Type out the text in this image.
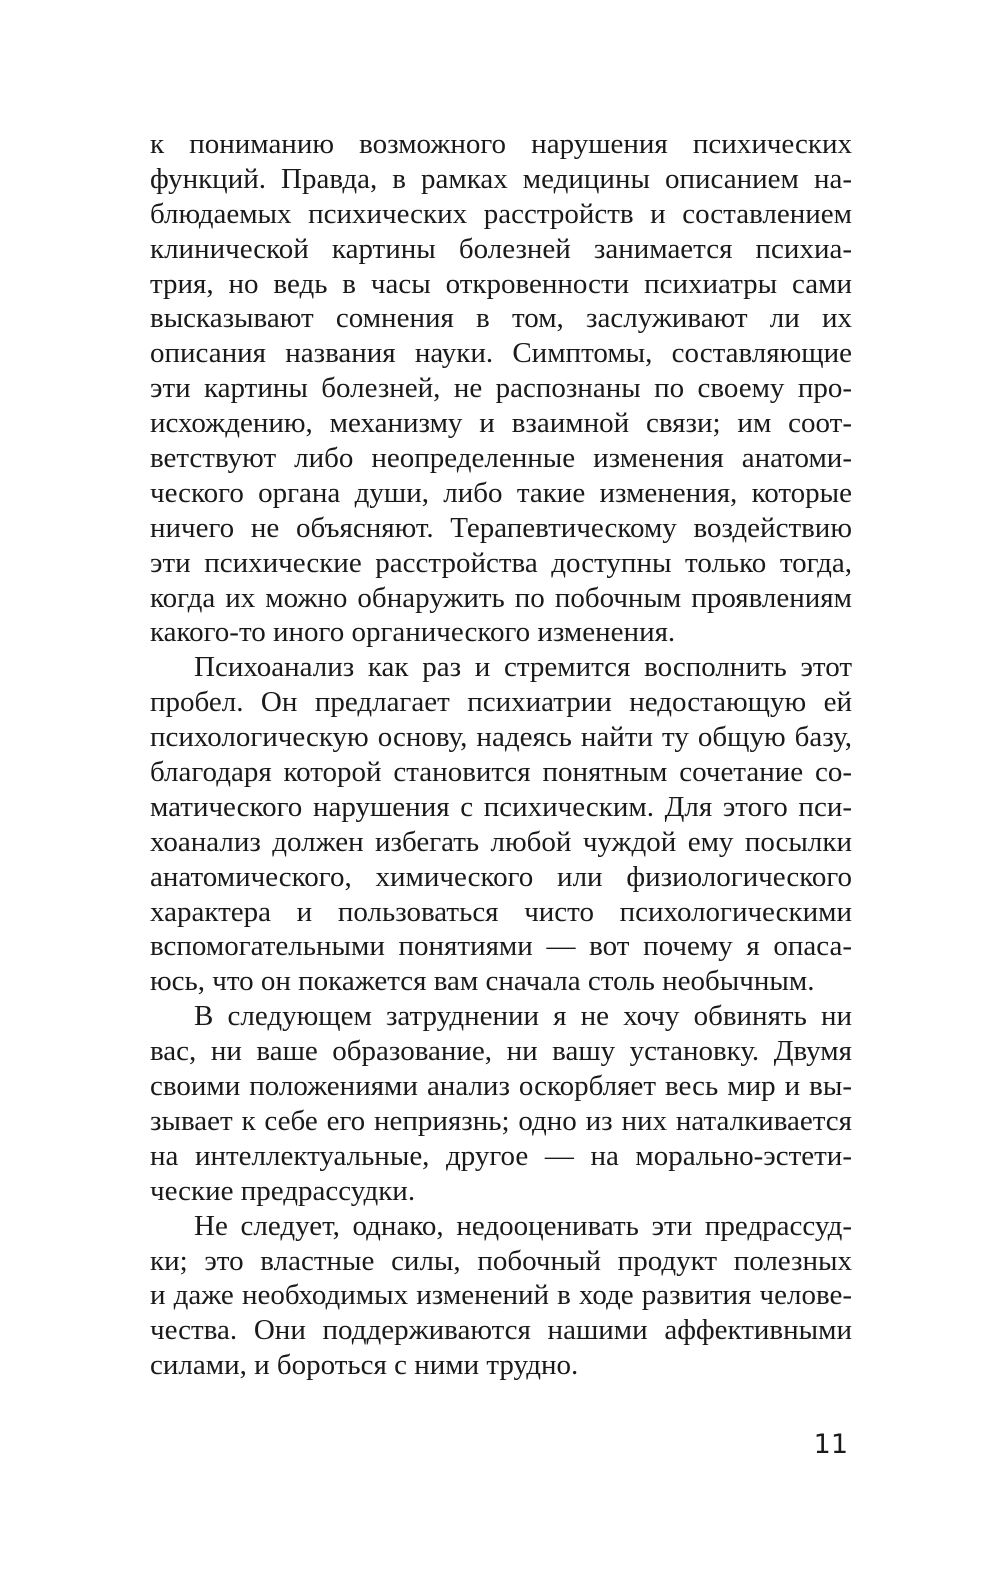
к пониманию возможного нарушения психических
функций. Правда, в рамках медицины описанием на-
блюдаемых психических расстройств и составлением
клинической картины болезней занимается психиа-
трия, но ведь в часы откровенности психиатры сами
высказывают сомнения в том, заслуживают ли их
описания названия науки. Симптомы, составляющие
эти картины болезней, не распознаны по своему про-
исхождению, механизму и взаимной связи; им соот-
ветствуют либо неопределенные изменения анатоми-
ческого органа души, либо такие изменения, которые
ничего не объясняют. Терапевтическому воздействию
эти психические расстройства доступны только тогда,
когда их можно обнаружить по побочным проявлениям
какого-то иного органического изменения.
Психоанализ как раз и стремится восполнить этот
пробел. Он предлагает психиатрии недостающую ей
психологическую основу, надеясь найти ту общую базу,
благодаря которой становится понятным сочетание со-
матического нарушения с психическим. Для этого пси-
хоанализ должен избегать любой чуждой ему посылки
анатомического, химического или физиологического
характера и пользоваться чисто психологическими
вспомогательными понятиями — вот почему я опаса-
юсь, что он покажется вам сначала столь необычным.
В следующем затруднении я не хочу обвинять ни
вас, ни ваше образование, ни вашу установку. Двумя
своими положениями анализ оскорбляет весь мир и вы-
зывает к себе его неприязнь; одно из них наталкивается
на интеллектуальные, другое — на морально-эстети-
ческие предрассудки.
Не следует, однако, недооценивать эти предрассуд-
ки; это властные силы, побочный продукт полезных
и даже необходимых изменений в ходе развития челове-
чества. Они поддерживаются нашими аффективными
силами, и бороться с ними трудно.
11
